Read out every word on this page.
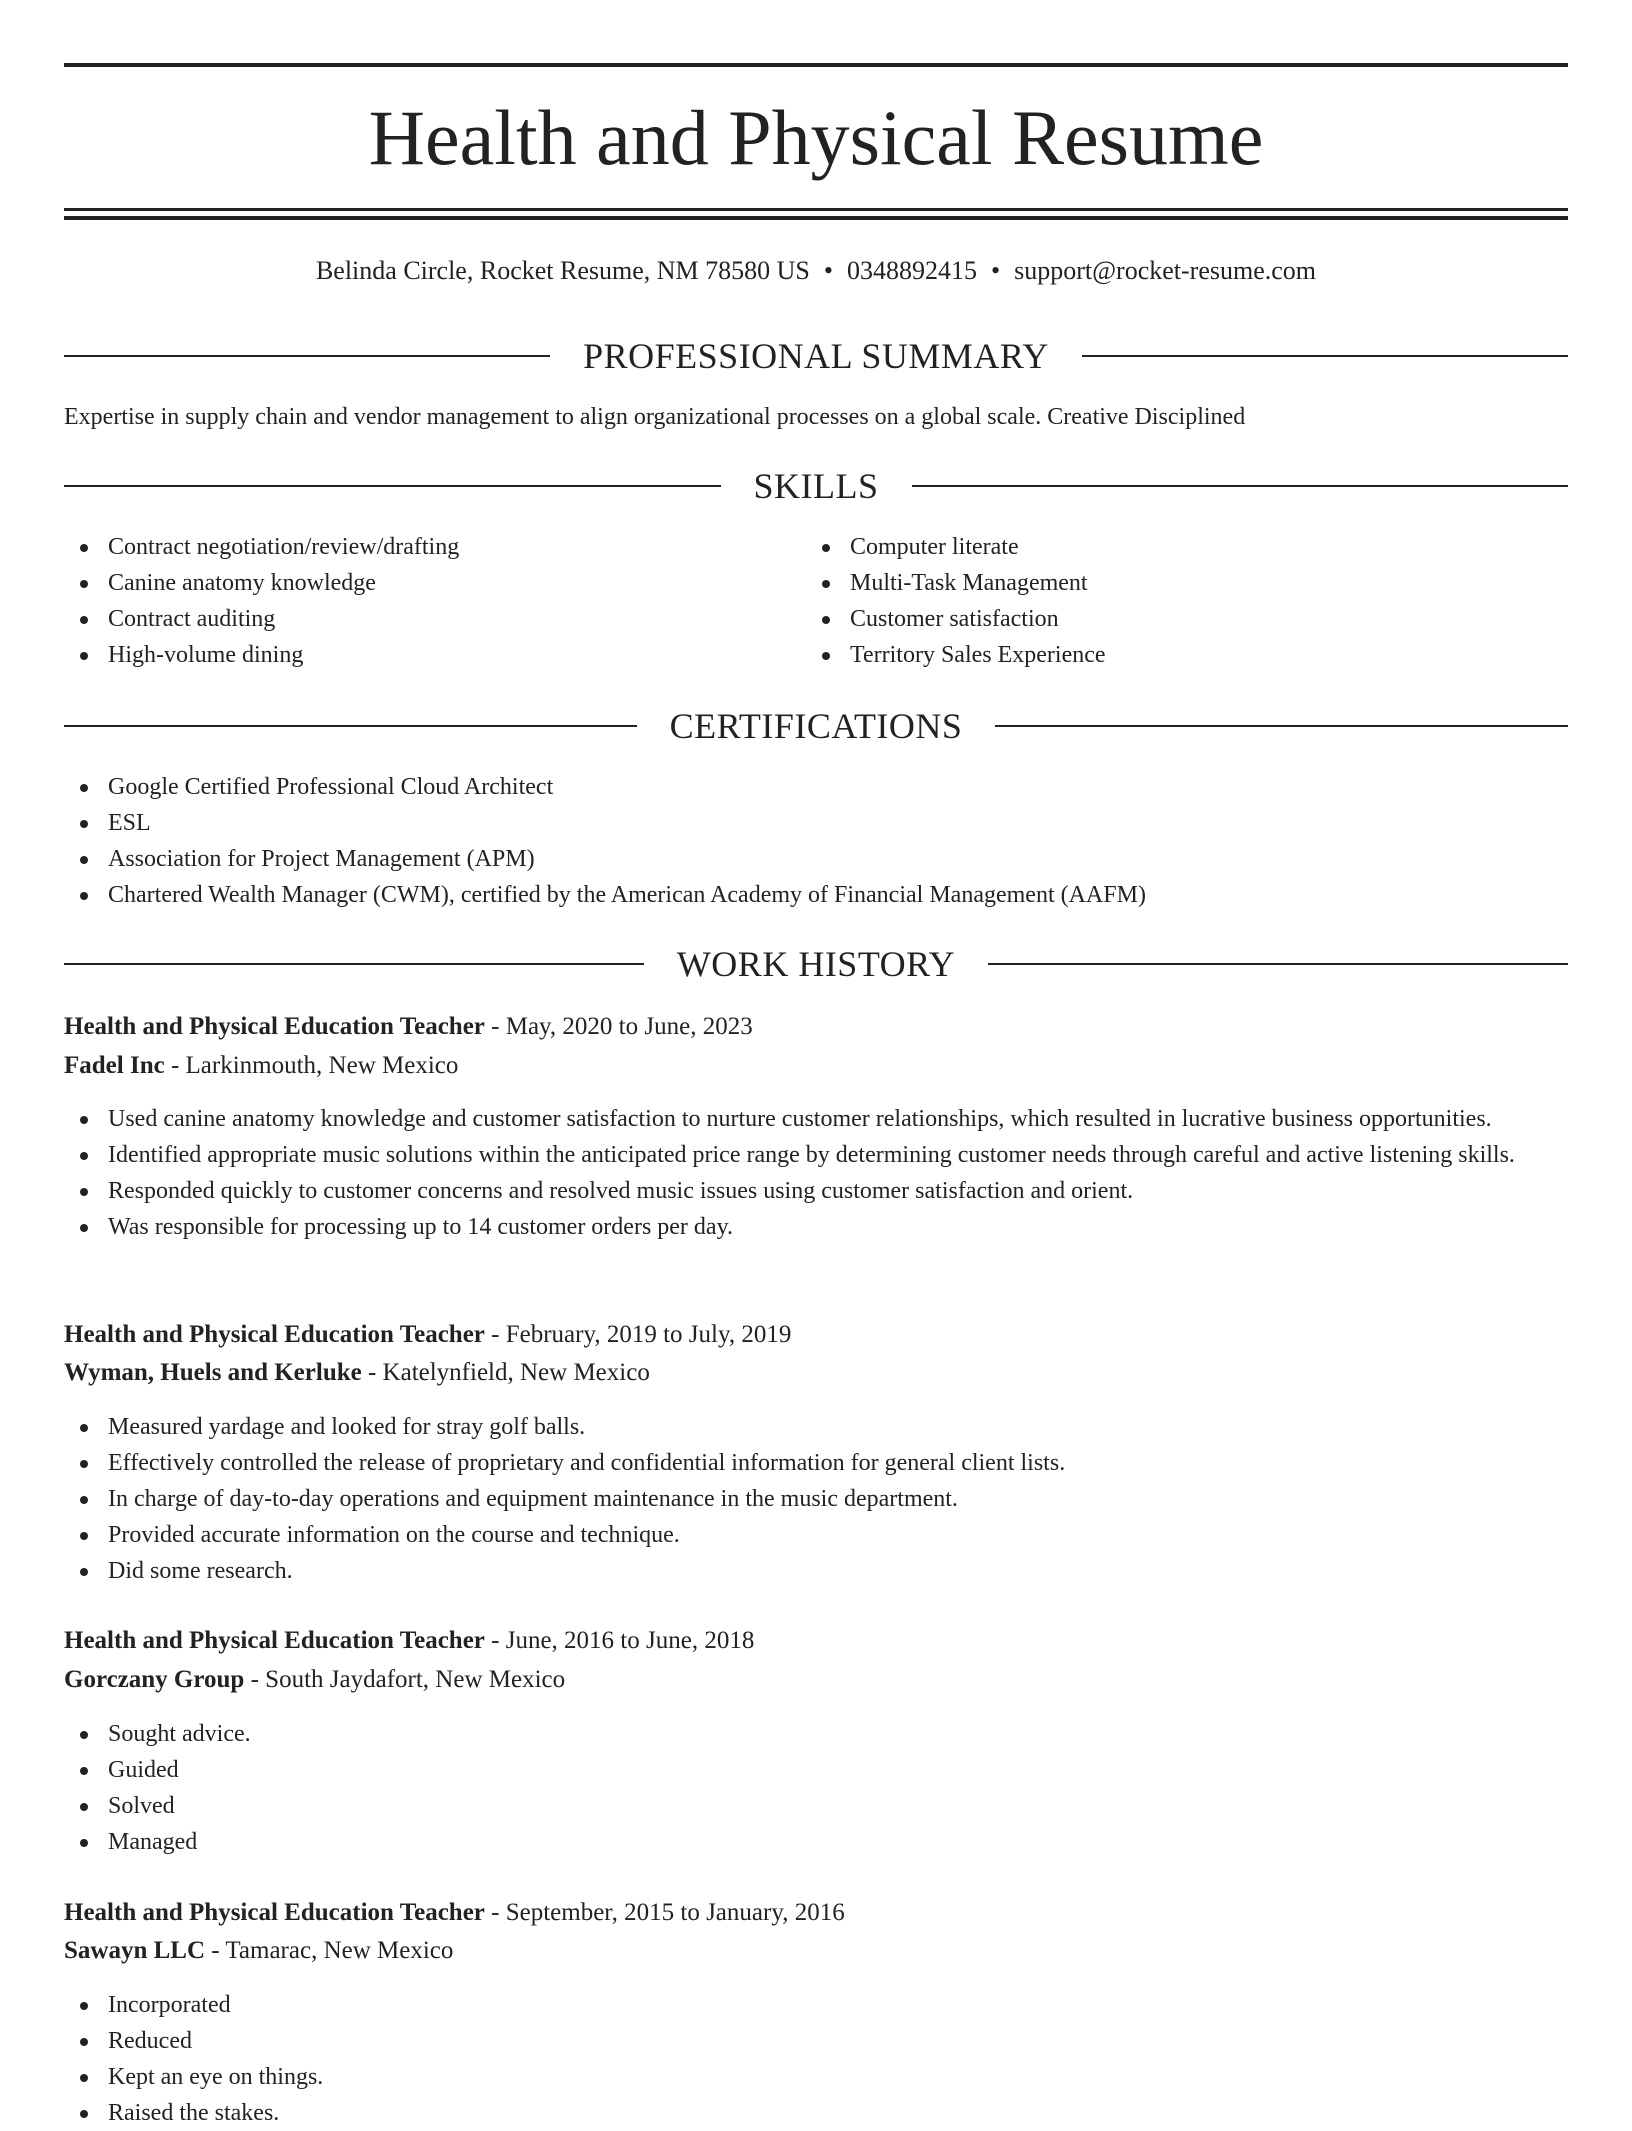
Health and Physical Resume
Belinda Circle, Rocket Resume, NM 78580 US • 0348892415 • support@rocket-resume.com
PROFESSIONAL SUMMARY
Expertise in supply chain and vendor management to align organizational processes on a global scale. Creative Disciplined
SKILLS
Contract negotiation/review/drafting
Canine anatomy knowledge
Contract auditing
High-volume dining
Computer literate
Multi-Task Management
Customer satisfaction
Territory Sales Experience
CERTIFICATIONS
Google Certified Professional Cloud Architect
ESL
Association for Project Management (APM)
Chartered Wealth Manager (CWM), certified by the American Academy of Financial Management (AAFM)
WORK HISTORY
Health and Physical Education Teacher - May, 2020 to June, 2023
Fadel Inc - Larkinmouth, New Mexico
Used canine anatomy knowledge and customer satisfaction to nurture customer relationships, which resulted in lucrative business opportunities.
Identified appropriate music solutions within the anticipated price range by determining customer needs through careful and active listening skills.
Responded quickly to customer concerns and resolved music issues using customer satisfaction and orient.
Was responsible for processing up to 14 customer orders per day.
Health and Physical Education Teacher - February, 2019 to July, 2019
Wyman, Huels and Kerluke - Katelynfield, New Mexico
Measured yardage and looked for stray golf balls.
Effectively controlled the release of proprietary and confidential information for general client lists.
In charge of day-to-day operations and equipment maintenance in the music department.
Provided accurate information on the course and technique.
Did some research.
Health and Physical Education Teacher - June, 2016 to June, 2018
Gorczany Group - South Jaydafort, New Mexico
Sought advice.
Guided
Solved
Managed
Health and Physical Education Teacher - September, 2015 to January, 2016
Sawayn LLC - Tamarac, New Mexico
Incorporated
Reduced
Kept an eye on things.
Raised the stakes.
